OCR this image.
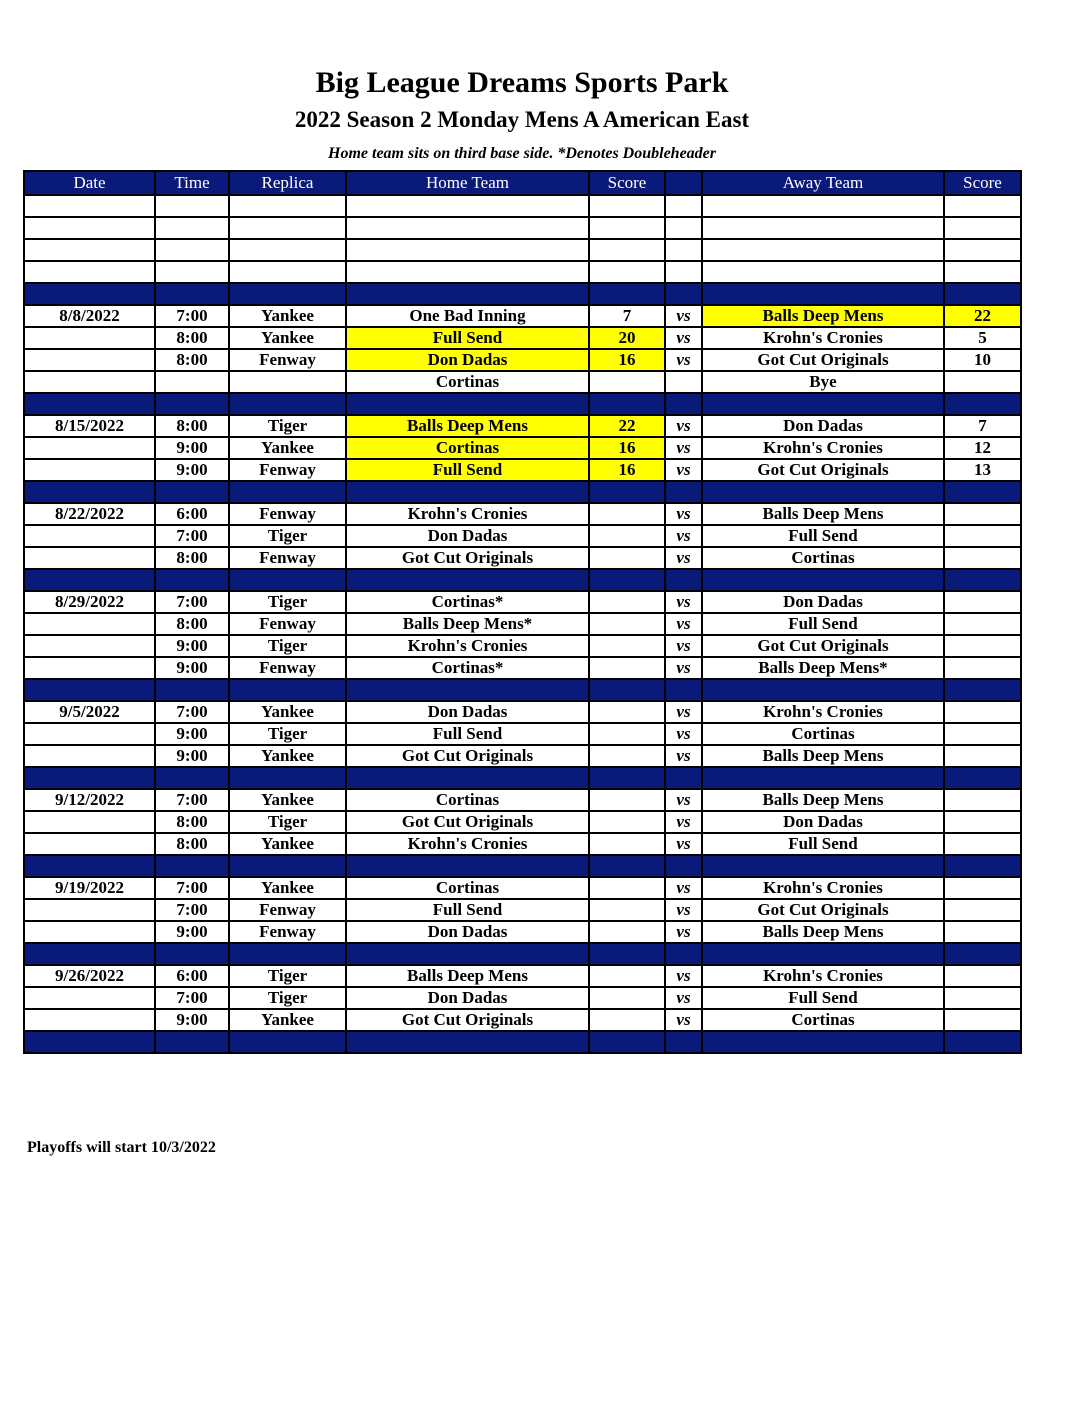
Big League Dreams Sports Park
2022 Season 2 Monday Mens A American East
Home team sits on third base side. *Denotes Doubleheader
Date	Time	Replica	Home Team	Score		Away Team	Score

8/8/2022	7:00	Yankee	One Bad Inning	7	vs	Balls Deep Mens	22
	8:00	Yankee	Full Send	20	vs	Krohn's Cronies	5
	8:00	Fenway	Don Dadas	16	vs	Got Cut Originals	10
			Cortinas			Bye	

8/15/2022	8:00	Tiger	Balls Deep Mens	22	vs	Don Dadas	7
	9:00	Yankee	Cortinas	16	vs	Krohn's Cronies	12
	9:00	Fenway	Full Send	16	vs	Got Cut Originals	13

8/22/2022	6:00	Fenway	Krohn's Cronies		vs	Balls Deep Mens	
	7:00	Tiger	Don Dadas		vs	Full Send	
	8:00	Fenway	Got Cut Originals		vs	Cortinas	

8/29/2022	7:00	Tiger	Cortinas*		vs	Don Dadas	
	8:00	Fenway	Balls Deep Mens*		vs	Full Send	
	9:00	Tiger	Krohn's Cronies		vs	Got Cut Originals	
	9:00	Fenway	Cortinas*		vs	Balls Deep Mens*	

9/5/2022	7:00	Yankee	Don Dadas		vs	Krohn's Cronies	
	9:00	Tiger	Full Send		vs	Cortinas	
	9:00	Yankee	Got Cut Originals		vs	Balls Deep Mens	

9/12/2022	7:00	Yankee	Cortinas		vs	Balls Deep Mens	
	8:00	Tiger	Got Cut Originals		vs	Don Dadas	
	8:00	Yankee	Krohn's Cronies		vs	Full Send	

9/19/2022	7:00	Yankee	Cortinas		vs	Krohn's Cronies	
	7:00	Fenway	Full Send		vs	Got Cut Originals	
	9:00	Fenway	Don Dadas		vs	Balls Deep Mens	

9/26/2022	6:00	Tiger	Balls Deep Mens		vs	Krohn's Cronies	
	7:00	Tiger	Don Dadas		vs	Full Send	
	9:00	Yankee	Got Cut Originals		vs	Cortinas	

Playoffs will start 10/3/2022
